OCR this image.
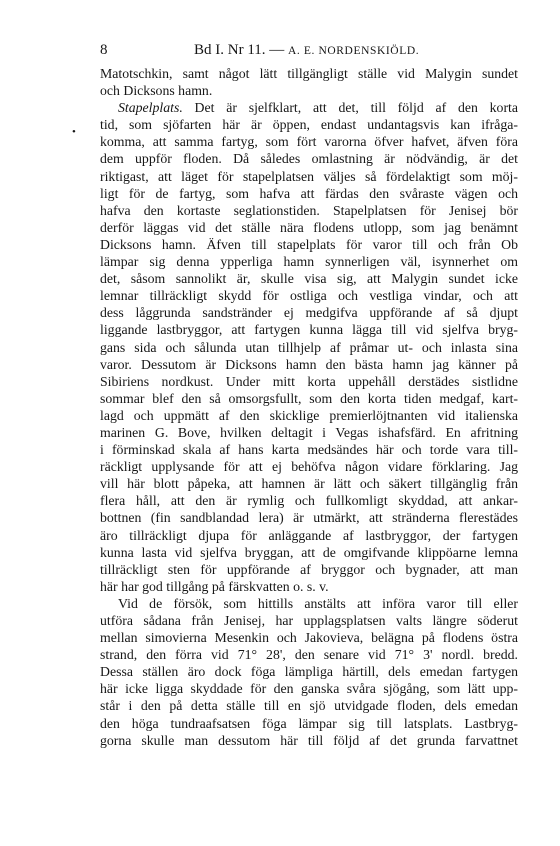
8	Bd I. Nr 11. — A. E. NORDENSKIÖLD.
•
Matotschkin, samt något lätt tillgängligt ställe vid Malygin sundet
och Dicksons hamn.
Stapelplats. Det är sjelfklart, att det, till följd af den korta
tid, som sjöfarten här är öppen, endast undantagsvis kan ifråga-
komma, att samma fartyg, som fört varorna öfver hafvet, äfven föra
dem uppför floden. Då således omlastning är nödvändig, är det
riktigast, att läget för stapelplatsen väljes så fördelaktigt som möj-
ligt för de fartyg, som hafva att färdas den svåraste vägen och
hafva den kortaste seglationstiden. Stapelplatsen för Jenisej bör
derför läggas vid det ställe nära flodens utlopp, som jag benämnt
Dicksons hamn. Äfven till stapelplats för varor till och från Ob
lämpar sig denna ypperliga hamn synnerligen väl, isynnerhet om
det, såsom sannolikt är, skulle visa sig, att Malygin sundet icke
lemnar tillräckligt skydd för ostliga och vestliga vindar, och att
dess låggrunda sandstränder ej medgifva uppförande af så djupt
liggande lastbryggor, att fartygen kunna lägga till vid sjelfva bryg-
gans sida och sålunda utan tillhjelp af pråmar ut- och inlasta sina
varor. Dessutom är Dicksons hamn den bästa hamn jag känner på
Sibiriens nordkust. Under mitt korta uppehåll derstädes sistlidne
sommar blef den så omsorgsfullt, som den korta tiden medgaf, kart-
lagd och uppmätt af den skicklige premierlöjtnanten vid italienska
marinen G. Bove, hvilken deltagit i Vegas ishafsfärd. En afritning
i förminskad skala af hans karta medsändes här och torde vara till-
räckligt upplysande för att ej behöfva någon vidare förklaring. Jag
vill här blott påpeka, att hamnen är lätt och säkert tillgänglig från
flera håll, att den är rymlig och fullkomligt skyddad, att ankar-
bottnen (fin sandblandad lera) är utmärkt, att stränderna flerestädes
äro tillräckligt djupa för anläggande af lastbryggor, der fartygen
kunna lasta vid sjelfva bryggan, att de omgifvande klippöarne lemna
tillräckligt sten för uppförande af bryggor och bygnader, att man
här har god tillgång på färskvatten o. s. v.
Vid de försök, som hittills anstälts att införa varor till eller
utföra sådana från Jenisej, har upplagsplatsen valts längre söderut
mellan simovierna Mesenkin och Jakovieva, belägna på flodens östra
strand, den förra vid 71° 28', den senare vid 71° 3' nordl. bredd.
Dessa ställen äro dock föga lämpliga härtill, dels emedan fartygen
här icke ligga skyddade för den ganska svåra sjögång, som lätt upp-
står i den på detta ställe till en sjö utvidgade floden, dels emedan
den höga tundraafsatsen föga lämpar sig till latsplats. Lastbryg-
gorna skulle man dessutom här till följd af det grunda farvattnet
